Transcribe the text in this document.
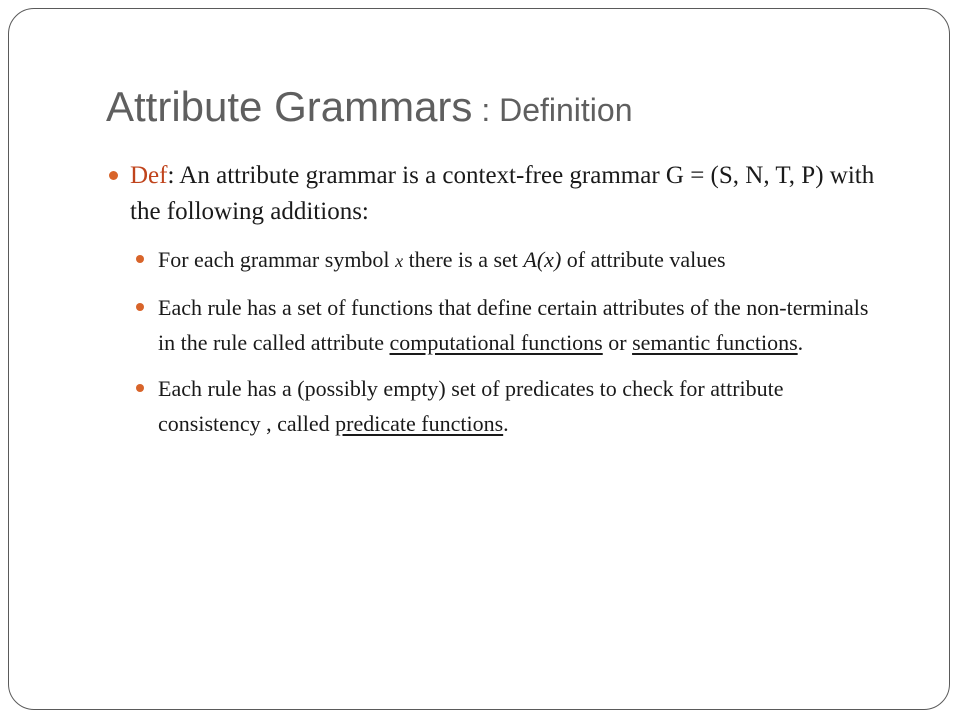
Attribute Grammars : Definition

Def: An attribute grammar is a context-free grammar G = (S, N, T, P) with the following additions:

For each grammar symbol x there is a set A(x) of attribute values

Each rule has a set of functions that define certain attributes of the non-terminals in the rule called attribute computational functions or semantic functions.

Each rule has a (possibly empty) set of predicates to check for attribute consistency , called predicate functions.
